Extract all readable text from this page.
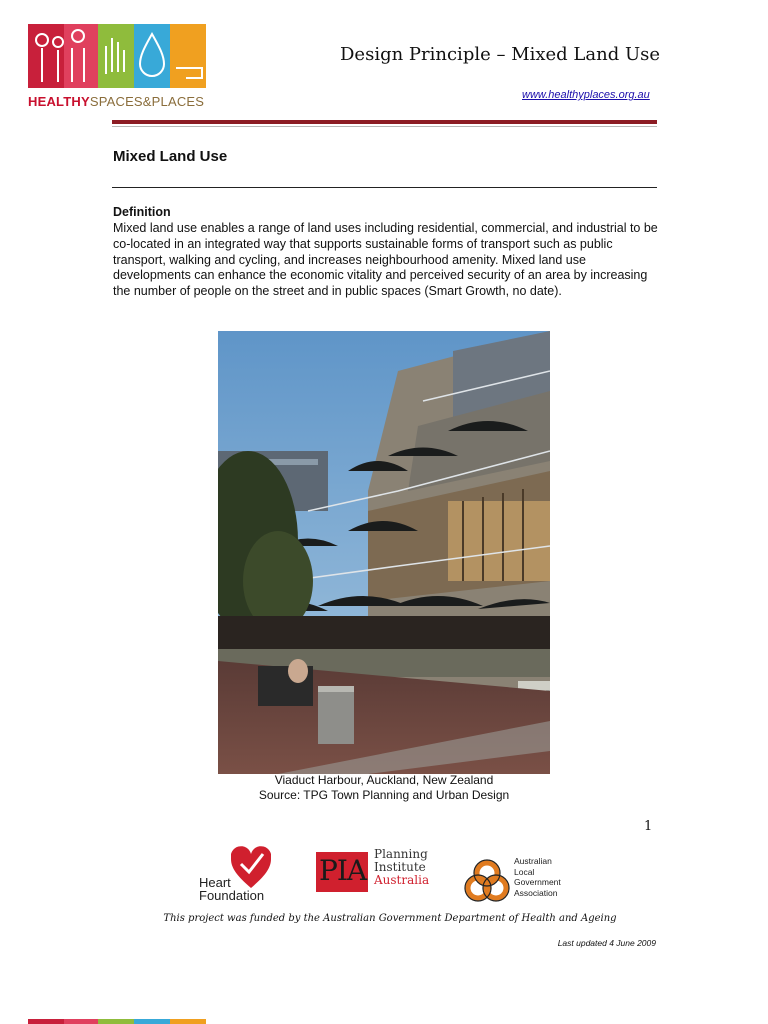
HEALTHYSPACES&PLACES
Design Principle – Mixed Land Use
www.healthyplaces.org.au
Mixed Land Use
Definition
Mixed land use enables a range of land uses including residential, commercial, and industrial to be co-located in an integrated way that supports sustainable forms of transport such as public transport, walking and cycling, and increases neighbourhood amenity. Mixed land use developments can enhance the economic vitality and perceived security of an area by increasing the number of people on the street and in public spaces (Smart Growth, no date).
Viaduct Harbour, Auckland, New Zealand
Source: TPG Town Planning and Urban Design
1
Heart
Foundation
PIA Planning
Institute
Australia
Australian
Local
Government
Association
This project was funded by the Australian Government Department of Health and Ageing
Last updated 4 June 2009
